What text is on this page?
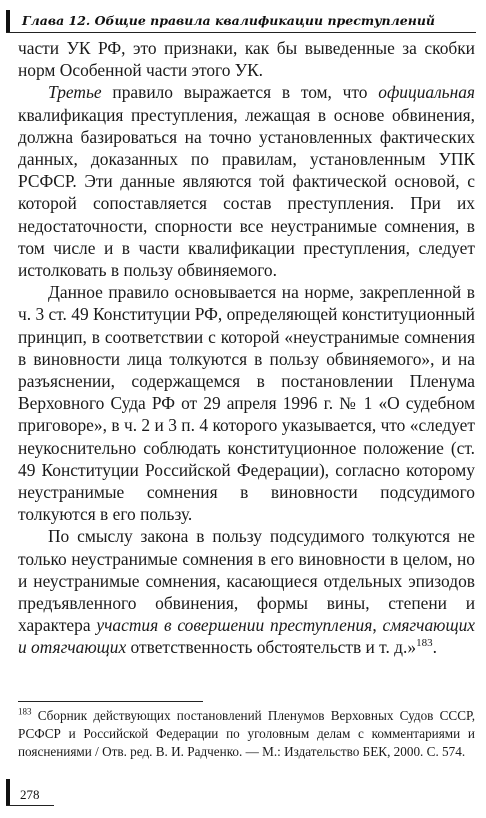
Глава 12. Общие правила квалификации преступлений

части УК РФ, это признаки, как бы выведенные за скобки норм Особенной части этого УК.

Третье правило выражается в том, что официальная квалификация преступления, лежащая в основе обвинения, должна базироваться на точно установленных фактических данных, доказанных по правилам, установленным УПК РСФСР. Эти данные являются той фактической основой, с которой сопоставляется состав преступления. При их недостаточности, спорности все неустранимые сомнения, в том числе и в части квалификации преступления, следует истолковать в пользу обвиняемого.

Данное правило основывается на норме, закрепленной в ч. 3 ст. 49 Конституции РФ, определяющей конституционный принцип, в соответствии с которой «неустранимые сомнения в виновности лица толкуются в пользу обвиняемого», и на разъяснении, содержащемся в постановлении Пленума Верховного Суда РФ от 29 апреля 1996 г. № 1 «О судебном приговоре», в ч. 2 и 3 п. 4 которого указывается, что «следует неукоснительно соблюдать конституционное положение (ст. 49 Конституции Российской Федерации), согласно которому неустранимые сомнения в виновности подсудимого толкуются в его пользу.

По смыслу закона в пользу подсудимого толкуются не только неустранимые сомнения в его виновности в целом, но и неустранимые сомнения, касающиеся отдельных эпизодов предъявленного обвинения, формы вины, степени и характера участия в совершении преступления, смягчающих и отягчающих ответственность обстоятельств и т. д.»$^{183}$.

$^{183}$ Сборник действующих постановлений Пленумов Верховных Судов СССР, РСФСР и Российской Федерации по уголовным делам с комментариями и пояснениями / Отв. ред. В. И. Радченко. — М.: Издательство БЕК, 2000. С. 574.
278
